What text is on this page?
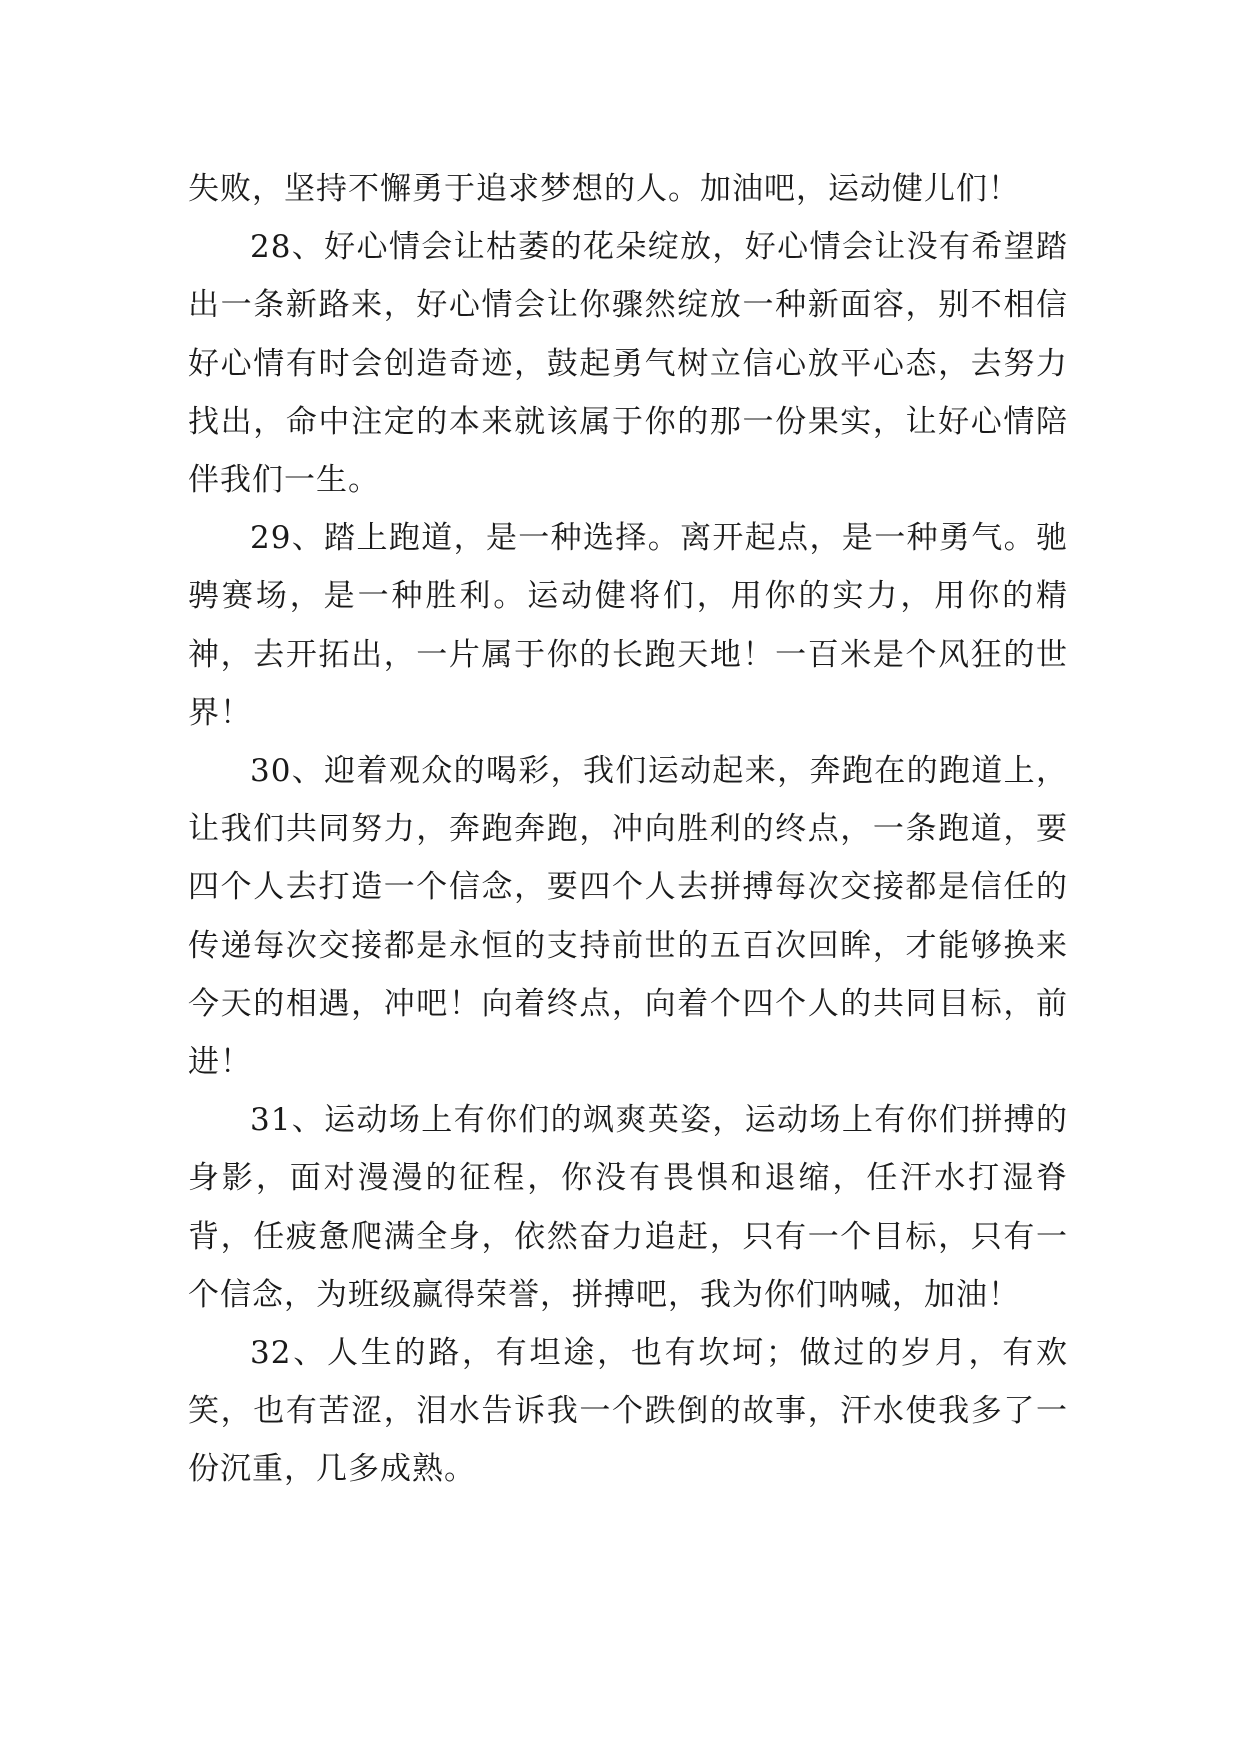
失败，坚持不懈勇于追求梦想的人。加油吧，运动健儿们！

28、好心情会让枯萎的花朵绽放，好心情会让没有希望踏出一条新路来，好心情会让你骤然绽放一种新面容，别不相信好心情有时会创造奇迹，鼓起勇气树立信心放平心态，去努力找出，命中注定的本来就该属于你的那一份果实，让好心情陪伴我们一生。

29、踏上跑道，是一种选择。离开起点，是一种勇气。驰骋赛场，是一种胜利。运动健将们，用你的实力，用你的精神，去开拓出，一片属于你的长跑天地！一百米是个风狂的世界！

30、迎着观众的喝彩，我们运动起来，奔跑在的跑道上，让我们共同努力，奔跑奔跑，冲向胜利的终点，一条跑道，要四个人去打造一个信念，要四个人去拼搏每次交接都是信任的传递每次交接都是永恒的支持前世的五百次回眸，才能够换来今天的相遇，冲吧！向着终点，向着个四个人的共同目标，前进！

31、运动场上有你们的飒爽英姿，运动场上有你们拼搏的身影，面对漫漫的征程，你没有畏惧和退缩，任汗水打湿脊背，任疲惫爬满全身，依然奋力追赶，只有一个目标，只有一个信念，为班级赢得荣誉，拼搏吧，我为你们呐喊，加油！

32、人生的路，有坦途，也有坎坷；做过的岁月，有欢笑，也有苦涩，泪水告诉我一个跌倒的故事，汗水使我多了一份沉重，几多成熟。
